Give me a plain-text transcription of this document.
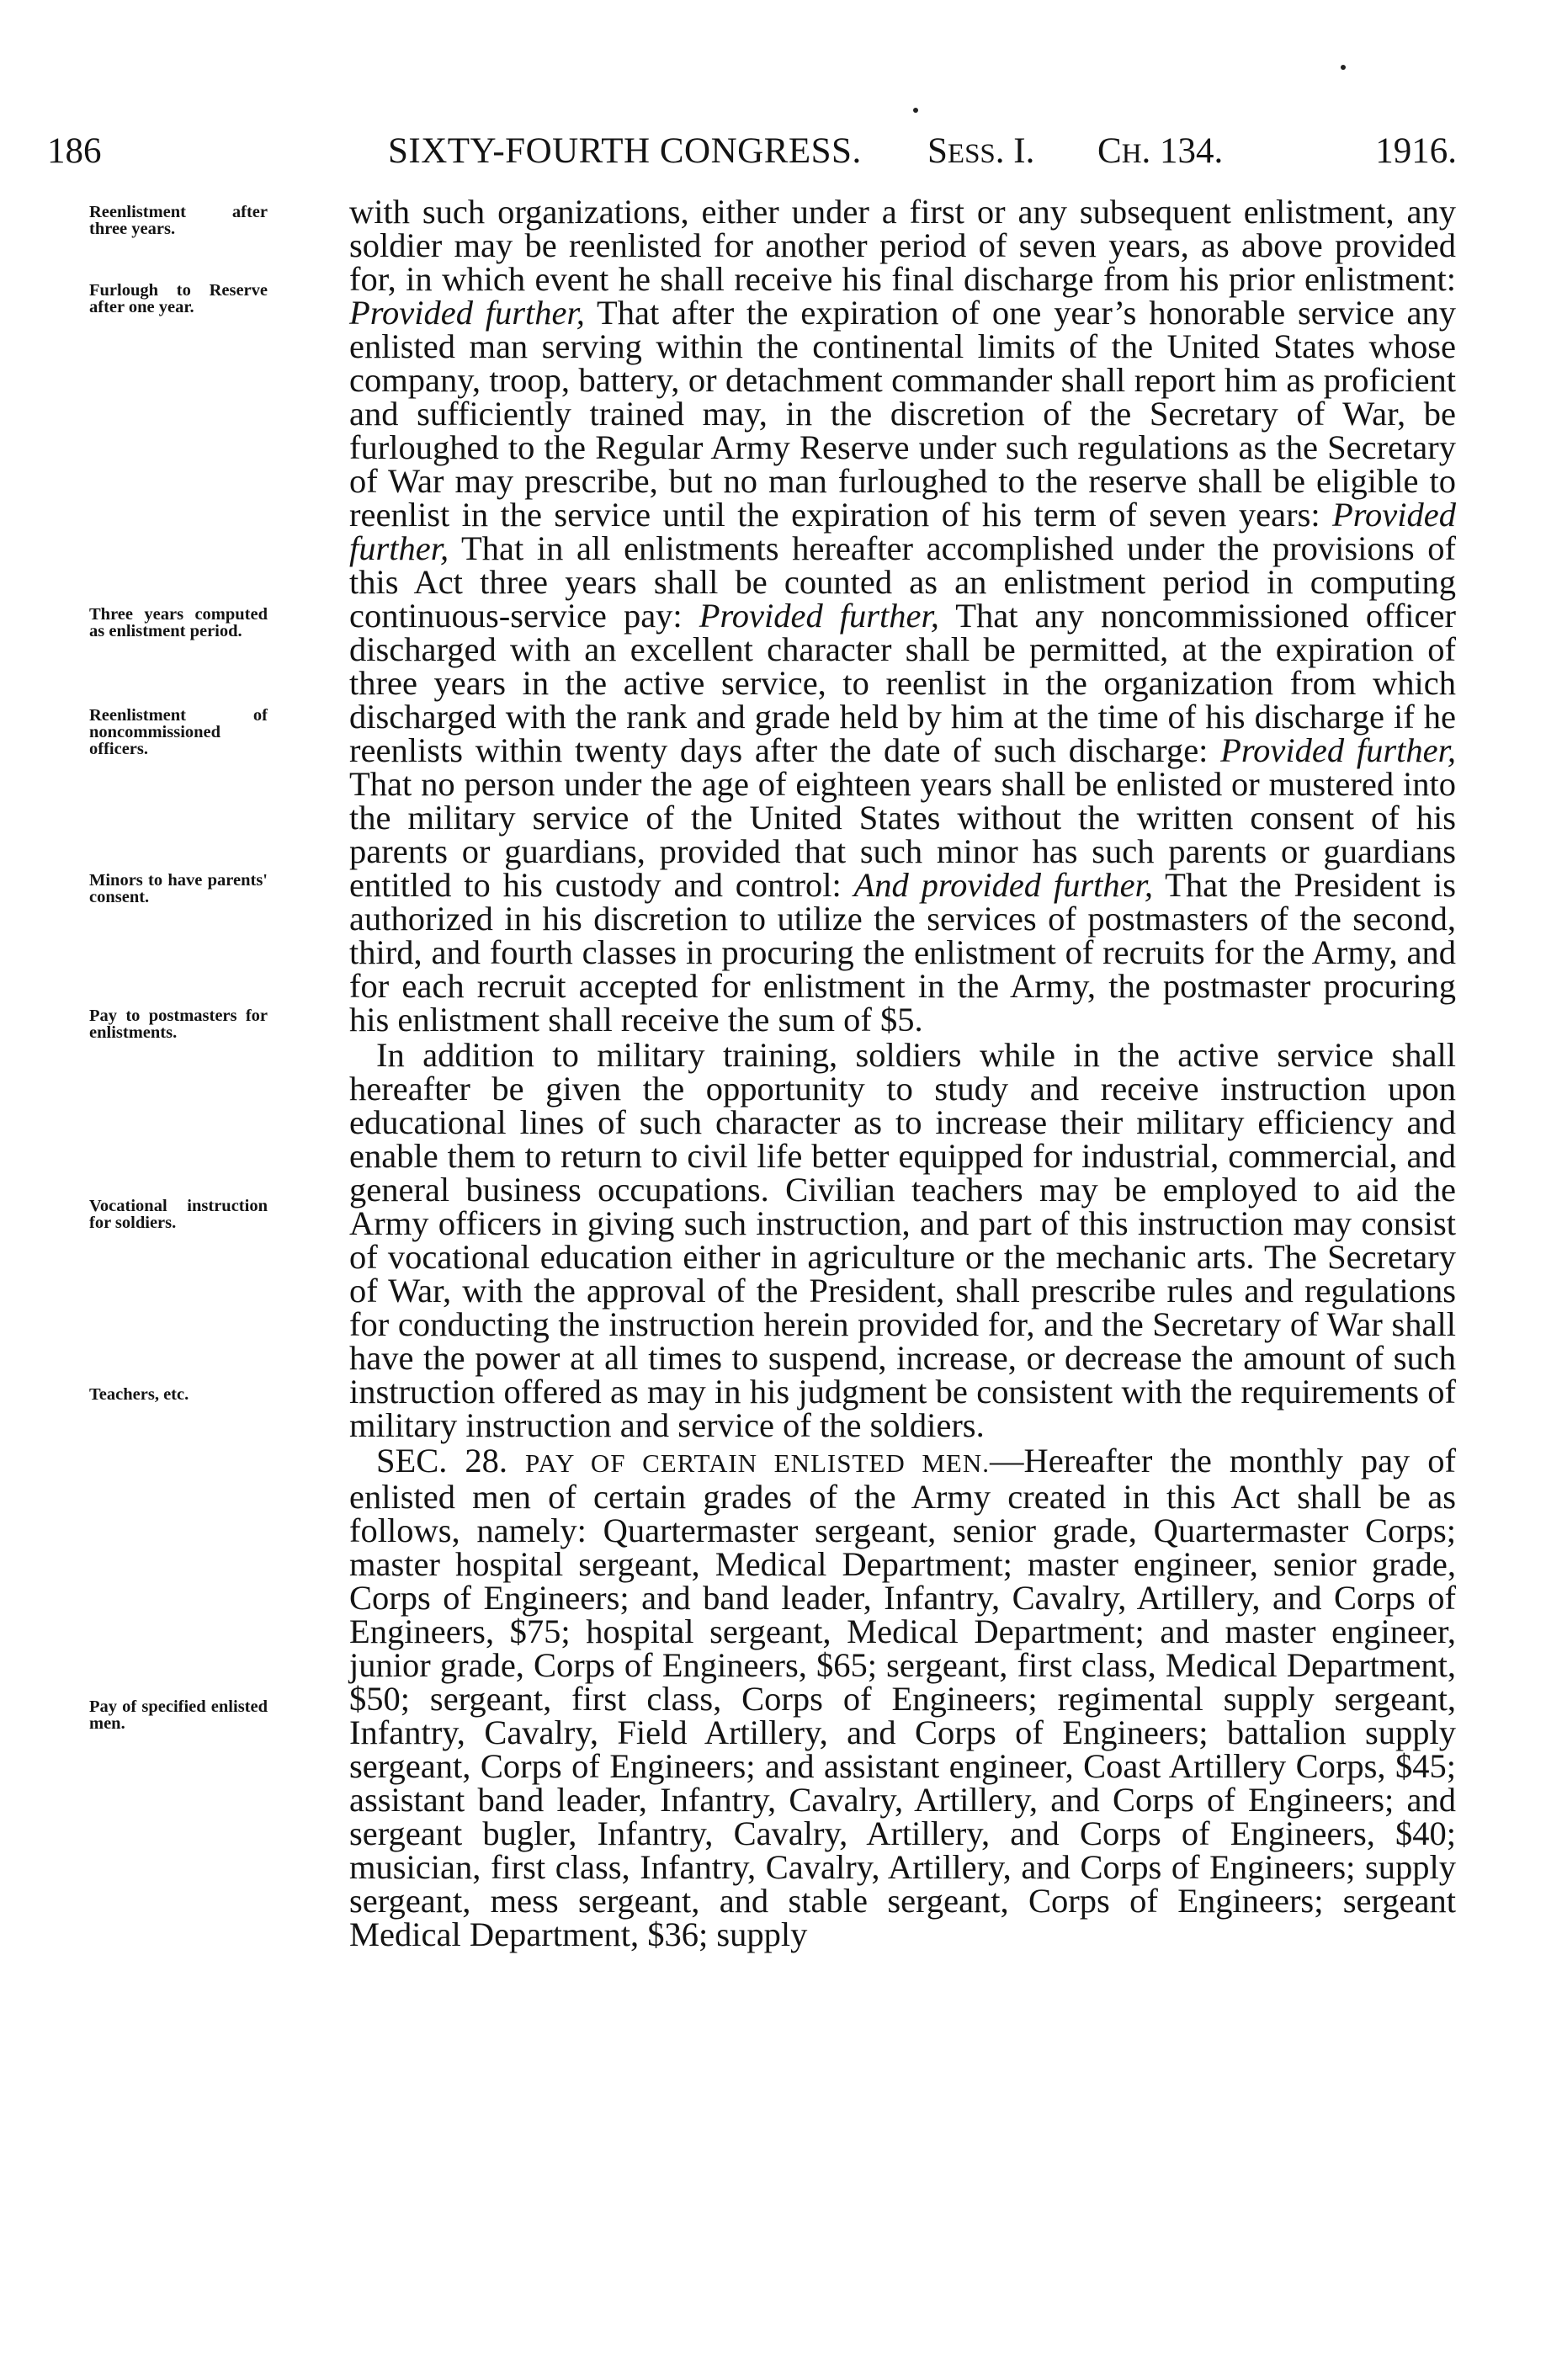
186	SIXTY-FOURTH CONGRESS. SESS. I. CH. 134.	1916.
Reenlistment after three years.
Furlough to Reserve after one year.
Three years computed as enlistment period.
Reenlistment of noncommissioned officers.
Minors to have parents' consent.
Pay to postmasters for enlistments.
Vocational instruction for soldiers.
Teachers, etc.
Pay of specified enlisted men.

with such organizations, either under a first or any subsequent enlistment, any soldier may be reenlisted for another period of seven years, as above provided for, in which event he shall receive his final discharge from his prior enlistment: Provided further, That after the expiration of one year’s honorable service any enlisted man serving within the continental limits of the United States whose company, troop, battery, or detachment commander shall report him as proficient and sufficiently trained may, in the discretion of the Secretary of War, be furloughed to the Regular Army Reserve under such regulations as the Secretary of War may prescribe, but no man furloughed to the reserve shall be eligible to reenlist in the service until the expiration of his term of seven years: Provided further, That in all enlistments hereafter accomplished under the provisions of this Act three years shall be counted as an enlistment period in computing continuous-service pay: Provided further, That any noncommissioned officer discharged with an excellent character shall be permitted, at the expiration of three years in the active service, to reenlist in the organization from which discharged with the rank and grade held by him at the time of his discharge if he reenlists within twenty days after the date of such discharge: Provided further, That no person under the age of eighteen years shall be enlisted or mustered into the military service of the United States without the written consent of his parents or guardians, provided that such minor has such parents or guardians entitled to his custody and control: And provided further, That the President is authorized in his discretion to utilize the services of postmasters of the second, third, and fourth classes in procuring the enlistment of recruits for the Army, and for each recruit accepted for enlistment in the Army, the postmaster procuring his enlistment shall receive the sum of $5.

In addition to military training, soldiers while in the active service shall hereafter be given the opportunity to study and receive instruction upon educational lines of such character as to increase their military efficiency and enable them to return to civil life better equipped for industrial, commercial, and general business occupations. Civilian teachers may be employed to aid the Army officers in giving such instruction, and part of this instruction may consist of vocational education either in agriculture or the mechanic arts. The Secretary of War, with the approval of the President, shall prescribe rules and regulations for conducting the instruction herein provided for, and the Secretary of War shall have the power at all times to suspend, increase, or decrease the amount of such instruction offered as may in his judgment be consistent with the requirements of military instruction and service of the soldiers.

SEC. 28. PAY OF CERTAIN ENLISTED MEN.—Hereafter the monthly pay of enlisted men of certain grades of the Army created in this Act shall be as follows, namely: Quartermaster sergeant, senior grade, Quartermaster Corps; master hospital sergeant, Medical Department; master engineer, senior grade, Corps of Engineers; and band leader, Infantry, Cavalry, Artillery, and Corps of Engineers, $75; hospital sergeant, Medical Department; and master engineer, junior grade, Corps of Engineers, $65; sergeant, first class, Medical Department, $50; sergeant, first class, Corps of Engineers; regimental supply sergeant, Infantry, Cavalry, Field Artillery, and Corps of Engineers; battalion supply sergeant, Corps of Engineers; and assistant engineer, Coast Artillery Corps, $45; assistant band leader, Infantry, Cavalry, Artillery, and Corps of Engineers; and sergeant bugler, Infantry, Cavalry, Artillery, and Corps of Engineers, $40; musician, first class, Infantry, Cavalry, Artillery, and Corps of Engineers; supply sergeant, mess sergeant, and stable sergeant, Corps of Engineers; sergeant Medical Department, $36; supply
